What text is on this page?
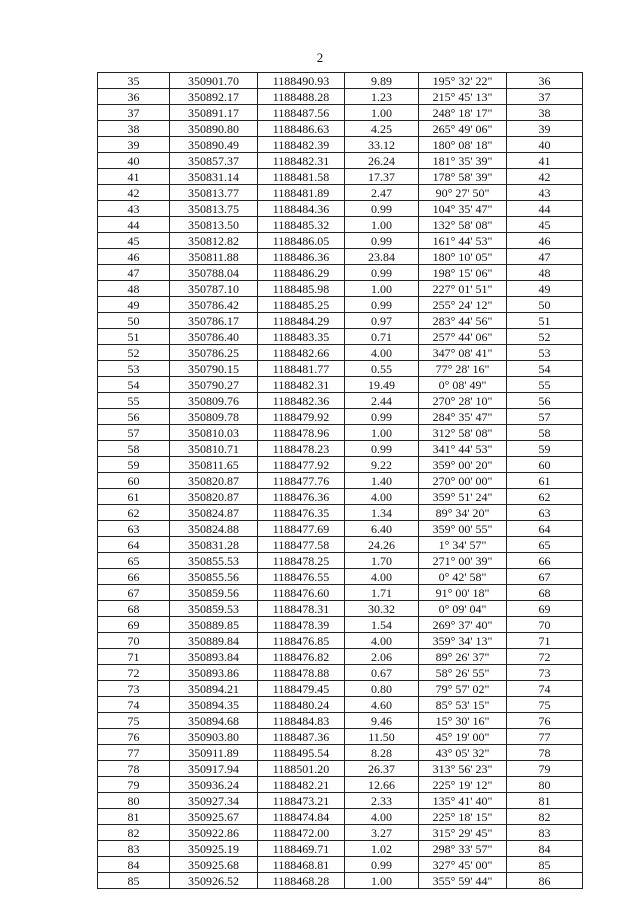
2
35	350901.70	1188490.93	9.89	195° 32' 22"	36
36	350892.17	1188488.28	1.23	215° 45' 13"	37
37	350891.17	1188487.56	1.00	248° 18' 17"	38
38	350890.80	1188486.63	4.25	265° 49' 06"	39
39	350890.49	1188482.39	33.12	180° 08' 18"	40
40	350857.37	1188482.31	26.24	181° 35' 39"	41
41	350831.14	1188481.58	17.37	178° 58' 39"	42
42	350813.77	1188481.89	2.47	90° 27' 50"	43
43	350813.75	1188484.36	0.99	104° 35' 47"	44
44	350813.50	1188485.32	1.00	132° 58' 08"	45
45	350812.82	1188486.05	0.99	161° 44' 53"	46
46	350811.88	1188486.36	23.84	180° 10' 05"	47
47	350788.04	1188486.29	0.99	198° 15' 06"	48
48	350787.10	1188485.98	1.00	227° 01' 51"	49
49	350786.42	1188485.25	0.99	255° 24' 12"	50
50	350786.17	1188484.29	0.97	283° 44' 56"	51
51	350786.40	1188483.35	0.71	257° 44' 06"	52
52	350786.25	1188482.66	4.00	347° 08' 41"	53
53	350790.15	1188481.77	0.55	77° 28' 16"	54
54	350790.27	1188482.31	19.49	0° 08' 49"	55
55	350809.76	1188482.36	2.44	270° 28' 10"	56
56	350809.78	1188479.92	0.99	284° 35' 47"	57
57	350810.03	1188478.96	1.00	312° 58' 08"	58
58	350810.71	1188478.23	0.99	341° 44' 53"	59
59	350811.65	1188477.92	9.22	359° 00' 20"	60
60	350820.87	1188477.76	1.40	270° 00' 00"	61
61	350820.87	1188476.36	4.00	359° 51' 24"	62
62	350824.87	1188476.35	1.34	89° 34' 20"	63
63	350824.88	1188477.69	6.40	359° 00' 55"	64
64	350831.28	1188477.58	24.26	1° 34' 57"	65
65	350855.53	1188478.25	1.70	271° 00' 39"	66
66	350855.56	1188476.55	4.00	0° 42' 58"	67
67	350859.56	1188476.60	1.71	91° 00' 18"	68
68	350859.53	1188478.31	30.32	0° 09' 04"	69
69	350889.85	1188478.39	1.54	269° 37' 40"	70
70	350889.84	1188476.85	4.00	359° 34' 13"	71
71	350893.84	1188476.82	2.06	89° 26' 37"	72
72	350893.86	1188478.88	0.67	58° 26' 55"	73
73	350894.21	1188479.45	0.80	79° 57' 02"	74
74	350894.35	1188480.24	4.60	85° 53' 15"	75
75	350894.68	1188484.83	9.46	15° 30' 16"	76
76	350903.80	1188487.36	11.50	45° 19' 00"	77
77	350911.89	1188495.54	8.28	43° 05' 32"	78
78	350917.94	1188501.20	26.37	313° 56' 23"	79
79	350936.24	1188482.21	12.66	225° 19' 12"	80
80	350927.34	1188473.21	2.33	135° 41' 40"	81
81	350925.67	1188474.84	4.00	225° 18' 15"	82
82	350922.86	1188472.00	3.27	315° 29' 45"	83
83	350925.19	1188469.71	1.02	298° 33' 57"	84
84	350925.68	1188468.81	0.99	327° 45' 00"	85
85	350926.52	1188468.28	1.00	355° 59' 44"	86
